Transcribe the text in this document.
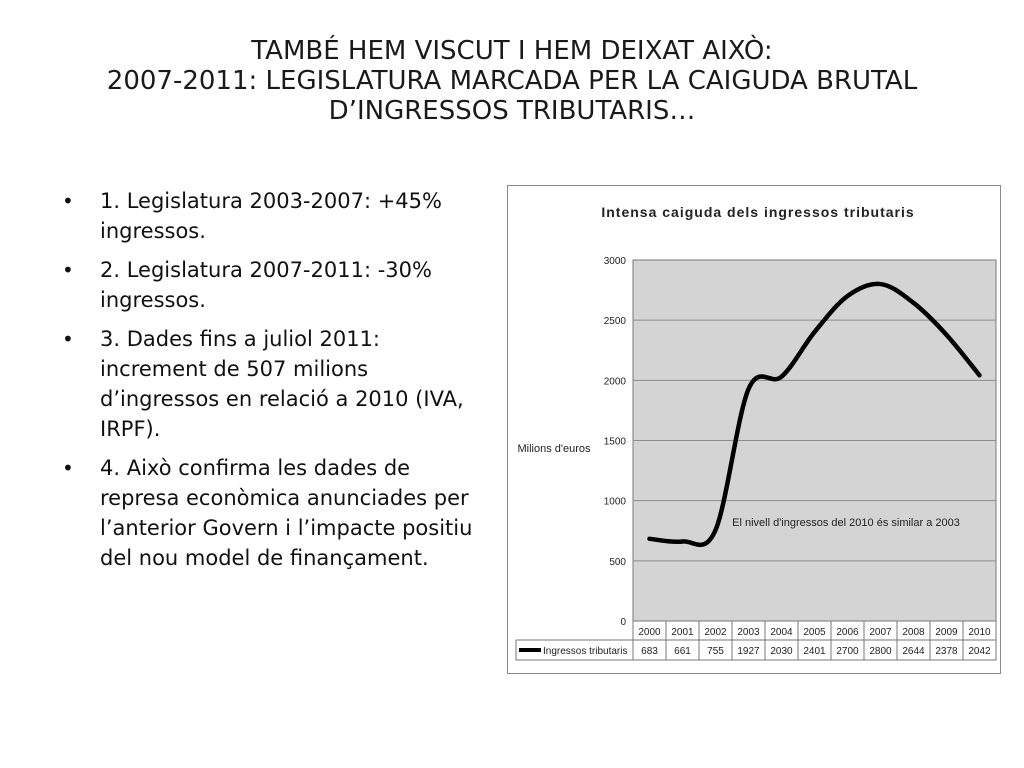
TAMBÉ HEM VISCUT I HEM DEIXAT AIXÒ:
2007-2011: LEGISLATURA MARCADA PER LA CAIGUDA BRUTAL
D’INGRESSOS TRIBUTARIS…
• 1. Legislatura 2003-2007: +45% ingressos.
• 2. Legislatura 2007-2011: -30% ingressos.
• 3. Dades fins a juliol 2011: increment de 507 milions d’ingressos en relació a 2010 (IVA, IRPF).
• 4. Això confirma les dades de represa econòmica anunciades per l’anterior Govern i l’impacte positiu del nou model de finançament.
0
500
1000
1500
2000
2500
3000
2000 2001 2002 2003 2004 2005 2006 2007 2008 2009 2010
683 661 755 1927 2030 2401 2700 2800 2644 2378 2042
Ingressos tributaris
Intensa caiguda dels ingressos tributaris
Milions d'euros
El nivell d'ingressos del 2010 és similar a 2003
